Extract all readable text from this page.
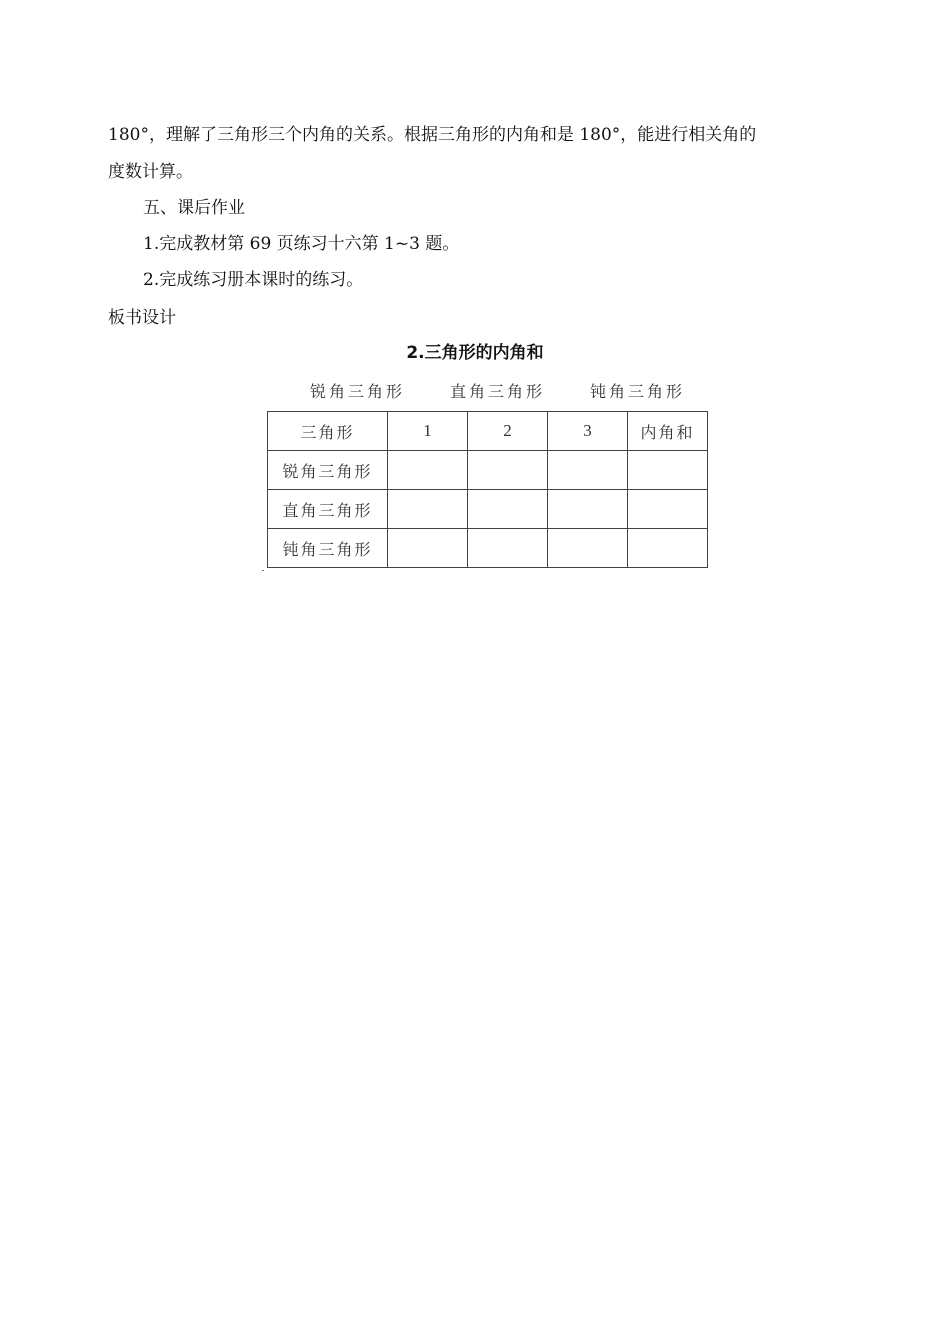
180°，理解了三角形三个内角的关系。根据三角形的内角和是 180°，能进行相关角的
度数计算。
五、课后作业
1.完成教材第 69 页练习十六第 1~3 题。
2.完成练习册本课时的练习。
板书设计
2.三角形的内角和
锐角三角形	直角三角形	钝角三角形
三角形	1	2	3	内角和
锐角三角形				
直角三角形				
钝角三角形				
